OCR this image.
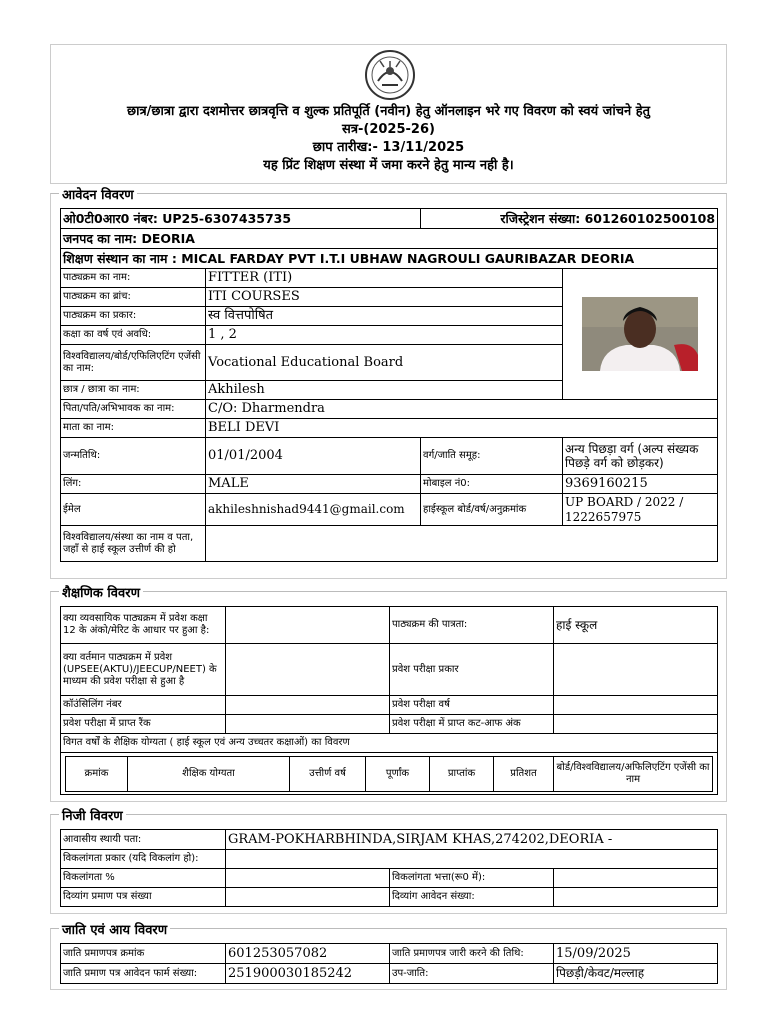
छात्र/छात्रा द्वारा दशमोत्तर छात्रवृत्ति व शुल्क प्रतिपूर्ति (नवीन) हेतु ऑनलाइन भरे गए विवरण को स्वयं जांचने हेतु
सत्र-(2025-26)
छाप तारीख:- 13/11/2025
यह प्रिंट शिक्षण संस्था में जमा करने हेतु मान्य नही है।
आवेदन विवरण
ओ0टी0आर0 नंबर: UP25-6307435735		रजिस्ट्रेशन संख्या: 601260102500108	
जनपद का नाम: DEORIA			
शिक्षण संस्थान का नाम : MICAL FARDAY PVT I.T.I UBHAW NAGROULI GAURIBAZAR DEORIA			
पाठ्यक्रम का नाम:	FITTER (ITI)	

पाठ्यक्रम का ब्रांच:	ITI COURSES		
पाठ्यक्रम का प्रकार:	स्व वित्तपोषित		
कक्षा का वर्ष एवं अवधि:	1 , 2		
विश्वविद्यालय/बोर्ड/एफिलिएटिंग एजेंसी का नाम:	Vocational Educational Board		
छात्र / छात्रा का नाम:	Akhilesh		
पिता/पति/अभिभावक का नाम:	C/O: Dharmendra		
माता का नाम:	BELI DEVI		
जन्मतिथि:	01/01/2004	वर्ग/जाति समूह:	अन्य पिछड़ा वर्ग (अल्प संख्यक पिछड़े वर्ग को छोड़कर)
लिंग:	MALE	मोबाइल नं0:	9369160215
ईमेल	akhileshnishad9441@gmail.com	हाईस्कूल बोर्ड/वर्ष/अनुक्रमांक	UP BOARD / 2022 / 1222657975
विश्वविद्यालय/संस्था का नाम व पता, जहाँ से हाई स्कूल उत्तीर्ण की हो			
शैक्षणिक विवरण
क्या व्यवसायिक पाठ्यक्रम में प्रवेश कक्षा 12 के अंको/मेरिट के आधार पर हुआ है:		पाठ्यक्रम की पात्रता:	हाई स्कूल
क्या वर्तमान पाठ्यक्रम में प्रवेश (UPSEE(AKTU)/JEECUP/NEET) के माध्यम की प्रवेश परीक्षा से हुआ है		प्रवेश परीक्षा प्रकार	
कॉउंसिलिंग नंबर		प्रवेश परीक्षा वर्ष	
प्रवेश परीक्षा में प्राप्त रैंक		प्रवेश परीक्षा में प्राप्त कट-आफ अंक	
विगत वर्षों के शैक्षिक योग्यता ( हाई स्कूल एवं अन्य उच्चतर कक्षाओं) का विवरण

क्रमांक	शैक्षिक योग्यता	उत्तीर्ण वर्ष	पूर्णांक	प्राप्तांक	प्रतिशत	बोर्ड/विश्वविद्यालय/अफिलिएटिंग एजेंसी का नाम
निजी विवरण
आवासीय स्थायी पता:	GRAM-POKHARBHINDA,SIRJAM KHAS,274202,DEORIA -		
विकलांगता प्रकार (यदि विकलांग हो):			
विकलांगता %		विकलांगता भत्ता(रू0 में):	
दिव्यांग प्रमाण पत्र संख्या		दिव्यांग आवेदन संख्या:	
जाति एवं आय विवरण
जाति प्रमाणपत्र क्रमांक	601253057082	जाति प्रमाणपत्र जारी करने की तिथि:	15/09/2025
जाति प्रमाण पत्र आवेदन फार्म संख्या:	251900030185242	उप-जाति:	पिछड़ी/केवट/मल्लाह
